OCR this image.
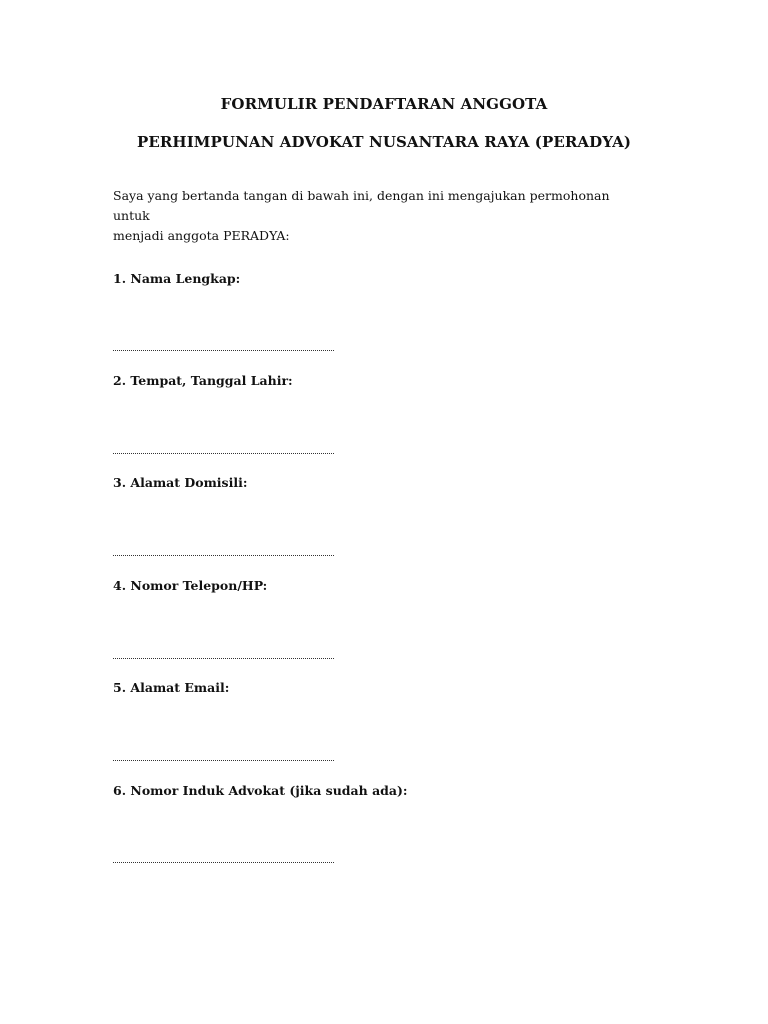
FORMULIR PENDAFTARAN ANGGOTA
PERHIMPUNAN ADVOKAT NUSANTARA RAYA (PERADYA)
Saya yang bertanda tangan di bawah ini, dengan ini mengajukan permohonan untuk
menjadi anggota PERADYA:
1. Nama Lengkap:
2. Tempat, Tanggal Lahir:
3. Alamat Domisili:
4. Nomor Telepon/HP:
5. Alamat Email:
6. Nomor Induk Advokat (jika sudah ada):
